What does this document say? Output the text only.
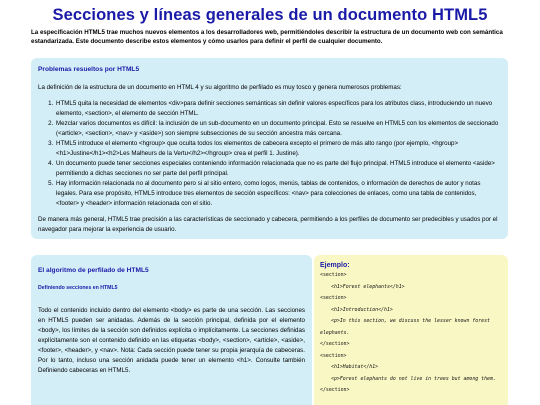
Secciones y líneas generales de un documento HTML5
La especificación HTML5 trae muchos nuevos elementos a los desarrolladores web, permitiéndoles describir la estructura de un documento web con semántica estandarizada. Este documento describe estos elementos y cómo usarlos para definir el perfil de cualquier documento.
Problemas resueltos por HTML5

La definición de la estructura de un documento en HTML 4 y su algoritmo de perfilado es muy tosco y genera numerosos problemas:

1. HTML5 quita la necesidad de elementos <div>para definir secciones semánticas sin definir valores específicos para los atributos class, introduciendo un nuevo elemento, <section>, el elemento de sección HTML.
2. Mezclar varios documentos es difícil: la inclusión de un sub-documento en un documento principal. Esto se resuelve en HTML5 con los elementos de seccionado (<article>, <section>, <nav> y <aside>) son siempre subsecciones de su sección ancestra más cercana.
3. HTML5 introduce el elemento <hgroup> que oculta todos los elementos de cabecera excepto el primero de más alto rango (por ejemplo, <hgroup><h1>Justine</h1><h2>Les Malheurs de la Vertu</h2></hgroup> crea el perfil 1. Justine).
4. Un documento puede tener secciones especiales conteniendo información relacionada que no es parte del flujo principal. HTML5 introduce el elemento <aside> permitiendo a dichas secciones no ser parte del perfil principal.
5. Hay información relacionada no al documento pero si al sitio entero, como logos, menús, tablas de contenidos, o información de derechos de autor y notas legales. Para ese propósito, HTML5 introduce tres elementos de sección específicos: <nav> para colecciones de enlaces, como una tabla de contenidos, <footer> y <header> información relacionada con el sitio.

De manera más general, HTML5 trae precisión a las características de seccionado y cabecera, permitiendo a los perfiles de documento ser predecibles y usados por el navegador para mejorar la experiencia de usuario.

El algoritmo de perfilado de HTML5
Definiendo secciones en HTML5

Todo el contenido incluido dentro del elemento <body> es parte de una sección. Las secciones en HTML5 pueden ser anidadas. Además de la sección principal, definida por el elemento <body>, los límites de la sección son definidos explícita o implícitamente. La secciones definidas explícitamente son el contenido definido en las etiquetas <body>, <section>, <article>, <aside>, <footer>, <header>, y <nav>. Nota: Cada sección puede tener su propia jerarquía de cabeceras. Por lo tanto, incluso una sección anidada puede tener un elemento <h1>. Consulte también Definiendo cabeceras en HTML5.

Ejemplo:
<section>
<h1>Forest elephants</h1>
<section>
<h1>Introduction</h1>
<p>In this section, we discuss the lesser known forest elephants.
</section>
<section>
<h1>Habitat</h1>
<p>Forest elephants do not live in trees but among them.
</section>
